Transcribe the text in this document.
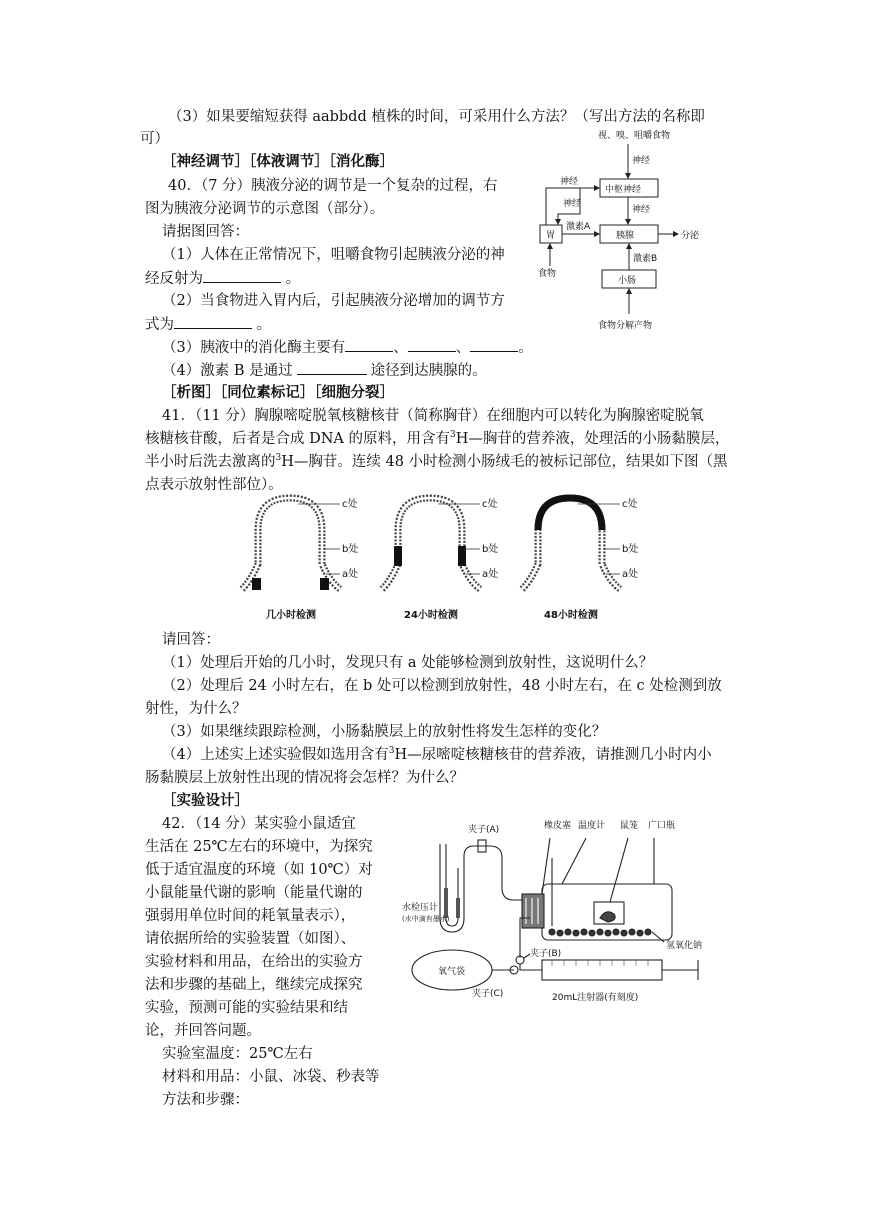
（3）如果要缩短获得 aabbdd 植株的时间，可采用什么方法？（写出方法的名称即
可）
［神经调节］［体液调节］［消化酶］
40．（7 分）胰液分泌的调节是一个复杂的过程，右
图为胰液分泌调节的示意图（部分）。
请据图回答：
（1）人体在正常情况下，咀嚼食物引起胰液分泌的神
经反射为	。
（2）当食物进入胃内后，引起胰液分泌增加的调节方
式为	。
（3）胰液中的消化酶主要有	、	、	。
（4）激素 B 是通过	途径到达胰腺的。
视、嗅、咀嚼食物
神经
神经
神经
神经
中枢神经
胃
激素A
胰腺	分泌
激素B
食物
小肠
食物分解产物
［析图］［同位素标记］［细胞分裂］
41．（11 分）胸腺嘧啶脱氧核糖核苷（简称胸苷）在细胞内可以转化为胸腺密啶脱氧
核糖核苷酸，后者是合成 DNA 的原料，用含有$^3$H—胸苷的营养液，处理活的小肠黏膜层，
半小时后洗去激离的$^3$H—胸苷。连续 48 小时检测小肠绒毛的被标记部位，结果如下图（黑
点表示放射性部位）。
c处
b处
a处
c处
b处
a处
c处
b处
a处
几小时检测	24小时检测	48小时检测
请回答：
（1）处理后开始的几小时，发现只有 a 处能够检测到放射性，这说明什么？
（2）处理后 24 小时左右，在 b 处可以检测到放射性，48 小时左右，在 c 处检测到放
射性，为什么？
（3）如果继续跟踪检测，小肠黏膜层上的放射性将发生怎样的变化？
（4）上述实上述实验假如选用含有$^3$H—尿嘧啶核糖核苷的营养液，请推测几小时内小
肠黏膜层上放射性出现的情况将会怎样？为什么？
［实验设计］
42．（14 分）某实验小鼠适宜
生活在 25℃左右的环境中，为探究
低于适宜温度的环境（如 10℃）对
小鼠能量代谢的影响（能量代谢的
强弱用单位时间的耗氧量表示），
请依据所给的实验装置（如图）、
实验材料和用品，在给出的实验方
法和步骤的基础上，继续完成探究
实验，预测可能的实验结果和结
论，并回答问题。
实验室温度：25℃左右
材料和用品：小鼠、冰袋、秒表等
方法和步骤：
夹子(A)	橡皮塞 温度计 鼠笼 广口瓶
水检压计
(水中滴有墨水)
氢氧化钠
夹子(B)
氧气袋
夹子(C)	20mL注射器(有刻度)
